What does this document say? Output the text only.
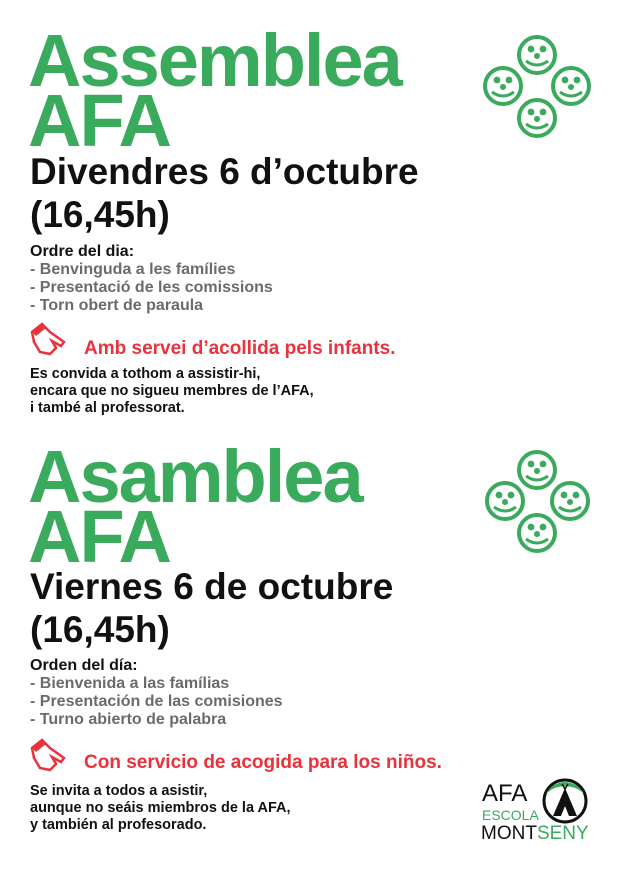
Assemblea
AFA
Divendres 6 d’octubre
(16,45h)
Ordre del dia:
- Benvinguda a les famílies
- Presentació de les comissions
- Torn obert de paraula
Amb servei d’acollida pels infants.
Es convida a tothom a assistir-hi,
encara que no sigueu membres de l’AFA,
i també al professorat.
Asamblea
AFA
Viernes 6 de octubre
(16,45h)
Orden del día:
- Bienvenida a las famílias
- Presentación de las comisiones
- Turno abierto de palabra
Con servicio de acogida para los niños.
Se invita a todos a asistir,
aunque no seáis miembros de la AFA,
y también al profesorado.
AFA
ESCOLA
MONTSENY
